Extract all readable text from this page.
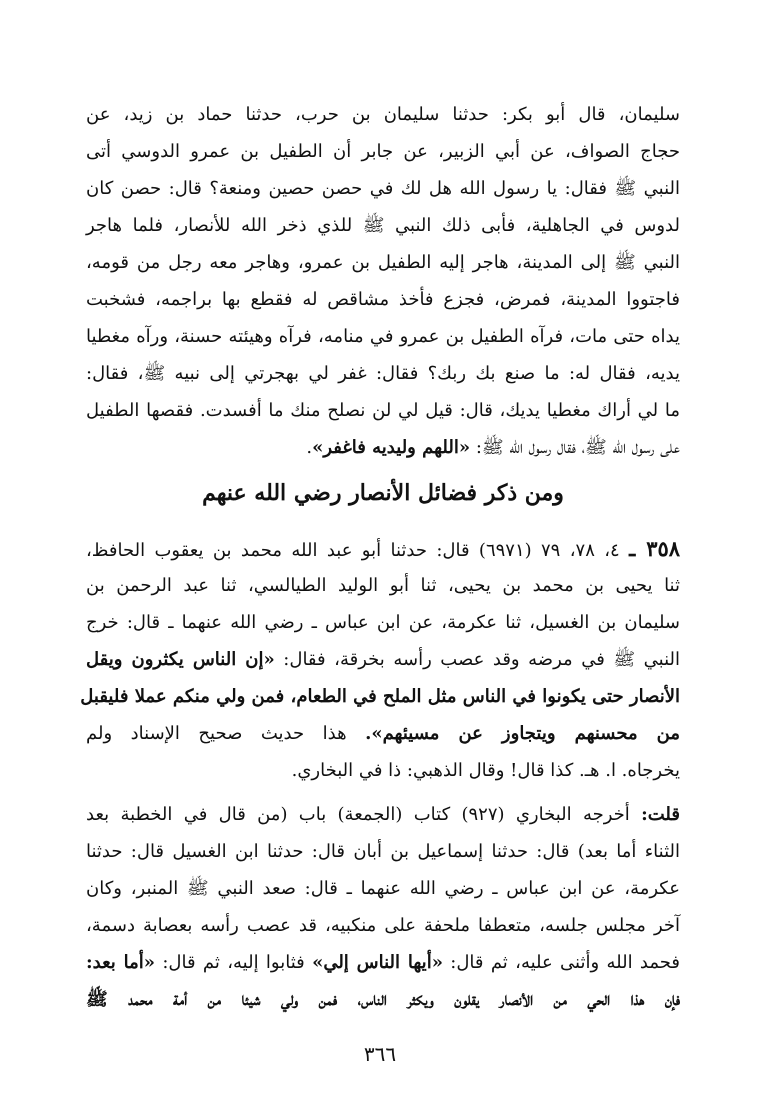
سليمان، قال أبو بكر: حدثنا سليمان بن حرب، حدثنا حماد بن زيد، عن
حجاج الصواف، عن أبي الزبير، عن جابر أن الطفيل بن عمرو الدوسي أتى
النبي ﷺ فقال: يا رسول الله هل لك في حصن حصين ومنعة؟ قال: حصن كان
لدوس في الجاهلية، فأبى ذلك النبي ﷺ للذي ذخر الله للأنصار، فلما هاجر
النبي ﷺ إلى المدينة، هاجر إليه الطفيل بن عمرو، وهاجر معه رجل من قومه،
فاجتووا المدينة، فمرض، فجزع فأخذ مشاقص له فقطع بها براجمه، فشخبت
يداه حتى مات، فرآه الطفيل بن عمرو في منامه، فرآه وهيئته حسنة، ورآه مغطيا
يديه، فقال له: ما صنع بك ربك؟ فقال: غفر لي بهجرتي إلى نبيه ﷺ، فقال:
ما لي أراك مغطيا يديك، قال: قيل لي لن نصلح منك ما أفسدت. فقصها الطفيل
على رسول الله ﷺ، فقال رسول الله ﷺ: «اللهم وليديه فاغفر».
ومن ذكر فضائل الأنصار رضي الله عنهم
٣٥٨ ـ ٤، ٧٨، ٧٩ (٦٩٧١) قال: حدثنا أبو عبد الله محمد بن يعقوب الحافظ،
ثنا يحيى بن محمد بن يحيى، ثنا أبو الوليد الطيالسي، ثنا عبد الرحمن بن
سليمان بن الغسيل، ثنا عكرمة، عن ابن عباس ـ رضي الله عنهما ـ قال: خرج
النبي ﷺ في مرضه وقد عصب رأسه بخرقة، فقال: «إن الناس يكثرون ويقل
الأنصار حتى يكونوا في الناس مثل الملح في الطعام، فمن ولي منكم عملا فليقبل
من محسنهم ويتجاوز عن مسيئهم». هذا حديث صحيح الإسناد ولم
يخرجاه. ا. هـ. كذا قال! وقال الذهبي: ذا في البخاري.
قلت: أخرجه البخاري (٩٢٧) كتاب (الجمعة) باب (من قال في الخطبة بعد
الثناء أما بعد) قال: حدثنا إسماعيل بن أبان قال: حدثنا ابن الغسيل قال: حدثنا
عكرمة، عن ابن عباس ـ رضي الله عنهما ـ قال: صعد النبي ﷺ المنبر، وكان
آخر مجلس جلسه، متعطفا ملحفة على منكبيه، قد عصب رأسه بعصابة دسمة،
فحمد الله وأثنى عليه، ثم قال: «أيها الناس إلي» فثابوا إليه، ثم قال: «أما بعد:
فإن هذا الحي من الأنصار يقلون ويكثر الناس، فمن ولي شيئا من أمة محمد ﷺ
٣٦٦
